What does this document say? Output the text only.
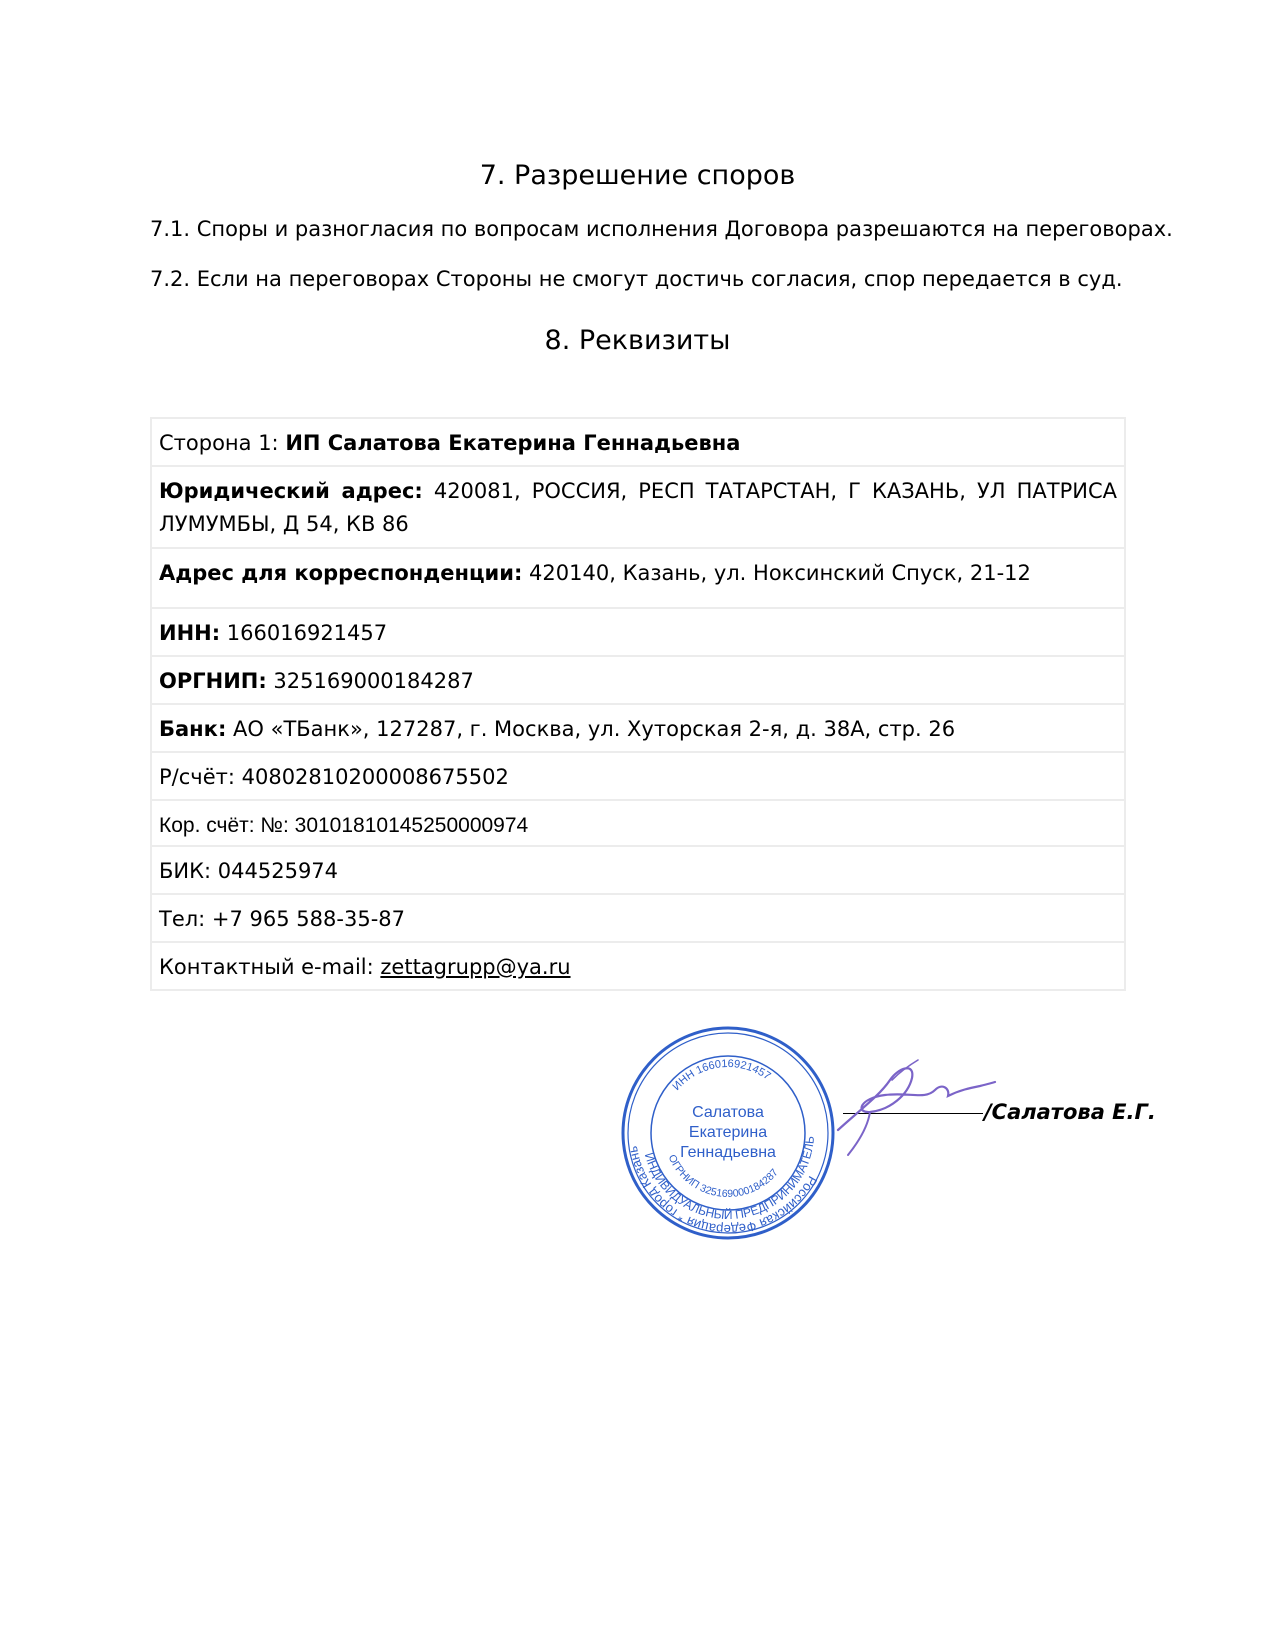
7. Разрешение споров
7.1. Споры и разногласия по вопросам исполнения Договора разрешаются на переговорах.
7.2. Если на переговорах Стороны не смогут достичь согласия, спор передается в суд.
8. Реквизиты
Сторона 1: ИП Салатова Екатерина Геннадьевна

Юридический адрес: 420081, РОССИЯ, РЕСП ТАТАРСТАН, Г КАЗАНЬ, УЛ ПАТРИСА ЛУМУМБЫ, Д 54, КВ 86

Адрес для корреспонденции: 420140, Казань, ул. Ноксинский Спуск, 21-12

ИНН: 166016921457

ОРГНИП: 325169000184287

Банк: АО «ТБанк», 127287, г. Москва, ул. Хуторская 2-я, д. 38А, стр. 26

Р/счёт: 40802810200008675502

Кор. счёт: №: 30101810145250000974

БИК: 044525974

Тел: +7 965 588-35-87

Контактный e-mail: zettagrupp@ya.ru
Российская Федерация * город Казань
ИНДИВИДУАЛЬНЫЙ ПРЕДПРИНИМАТЕЛЬ
ИНН 166016921457
ОГРНИП 325169000184287
Салатова
Екатерина
Геннадьевна
/Салатова Е.Г.
